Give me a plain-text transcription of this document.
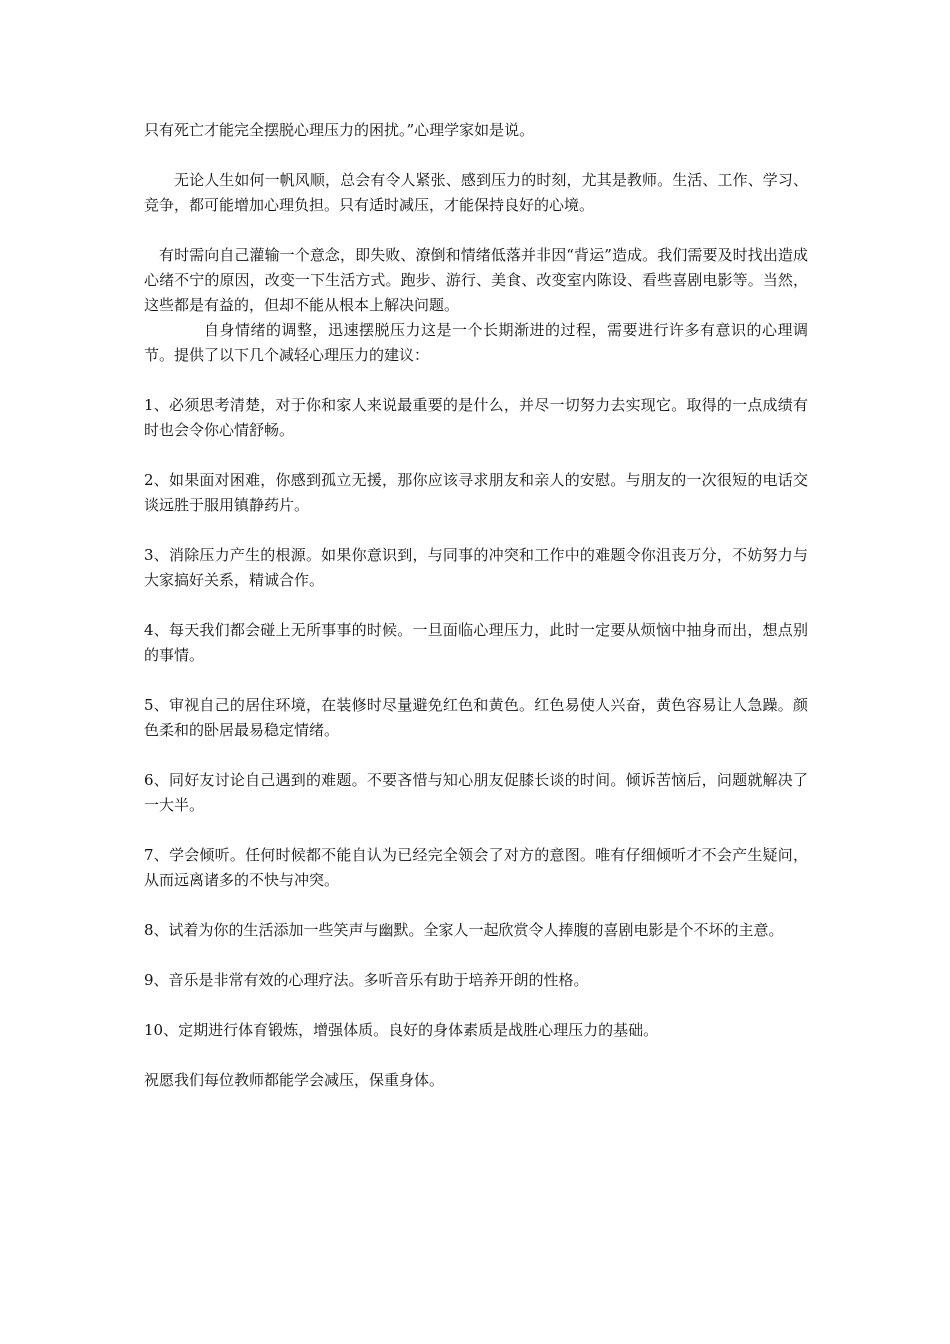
只有死亡才能完全摆脱心理压力的困扰。”心理学家如是说。

无论人生如何一帆风顺，总会有令人紧张、感到压力的时刻，尤其是教师。生活、工作、学习、竞争，都可能增加心理负担。只有适时减压，才能保持良好的心境。

有时需向自己灌输一个意念，即失败、潦倒和情绪低落并非因“背运”造成。我们需要及时找出造成心绪不宁的原因，改变一下生活方式。跑步、游行、美食、改变室内陈设、看些喜剧电影等。当然，这些都是有益的，但却不能从根本上解决问题。

自身情绪的调整，迅速摆脱压力这是一个长期渐进的过程，需要进行许多有意识的心理调节。提供了以下几个减轻心理压力的建议：

1、必须思考清楚，对于你和家人来说最重要的是什么，并尽一切努力去实现它。取得的一点成绩有时也会令你心情舒畅。

2、如果面对困难，你感到孤立无援，那你应该寻求朋友和亲人的安慰。与朋友的一次很短的电话交谈远胜于服用镇静药片。

3、消除压力产生的根源。如果你意识到，与同事的冲突和工作中的难题令你沮丧万分，不妨努力与大家搞好关系，精诚合作。

4、每天我们都会碰上无所事事的时候。一旦面临心理压力，此时一定要从烦恼中抽身而出，想点别的事情。

5、审视自己的居住环境，在装修时尽量避免红色和黄色。红色易使人兴奋，黄色容易让人急躁。颜色柔和的卧居最易稳定情绪。

6、同好友讨论自己遇到的难题。不要吝惜与知心朋友促膝长谈的时间。倾诉苦恼后，问题就解决了一大半。

7、学会倾听。任何时候都不能自认为已经完全领会了对方的意图。唯有仔细倾听才不会产生疑问，从而远离诸多的不快与冲突。

8、试着为你的生活添加一些笑声与幽默。全家人一起欣赏令人捧腹的喜剧电影是个不坏的主意。

9、音乐是非常有效的心理疗法。多听音乐有助于培养开朗的性格。

10、定期进行体育锻炼，增强体质。良好的身体素质是战胜心理压力的基础。

祝愿我们每位教师都能学会减压，保重身体。
